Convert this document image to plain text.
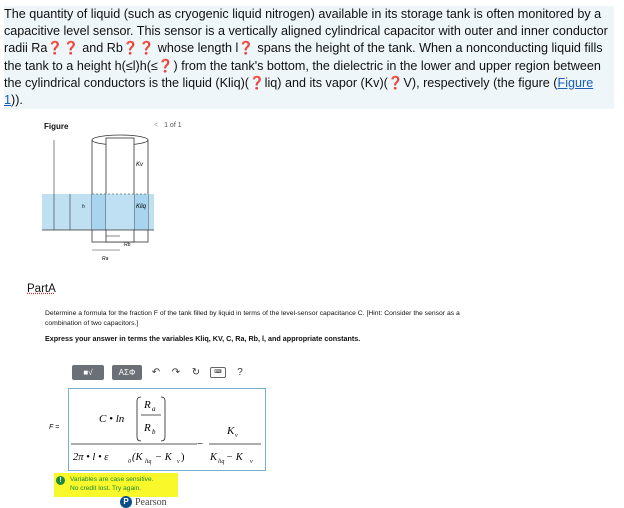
The quantity of liquid (such as cryogenic liquid nitrogen) available in its storage tank is often monitored by a capacitive level sensor. This sensor is a vertically aligned cylindrical capacitor with outer and inner conductor radii Ra❓❓ and Rb❓❓ whose length l❓ spans the height of the tank. When a nonconducting liquid fills the tank to a height h(≤l)h(≤❓) from the tank's bottom, the dielectric in the lower and upper region between the cylindrical conductors is the liquid (Kliq)(❓liq) and its vapor (Kv)(❓V), respectively (the figure (Figure 1)).
Figure	< 1 of 1
Kv
Kliq
h
Rb
Ra
PartA
Determine a formula for the fraction F of the tank filled by liquid in terms of the level-sensor capacitance C. [Hint: Consider the sensor as a combination of two capacitors.]
Express your answer in terms the variables Kliq, KV, C, Ra, Rb, l, and appropriate constants.
■√	AΣΦ	↶ ↷ ↻	⌨	?
F =
C • ln
R a
R b
2π • l • ε	0 (K liq − K v )
−
K v
K liq − K v
!	Variables are case sensitive.
No credit lost. Try again.
P Pearson
